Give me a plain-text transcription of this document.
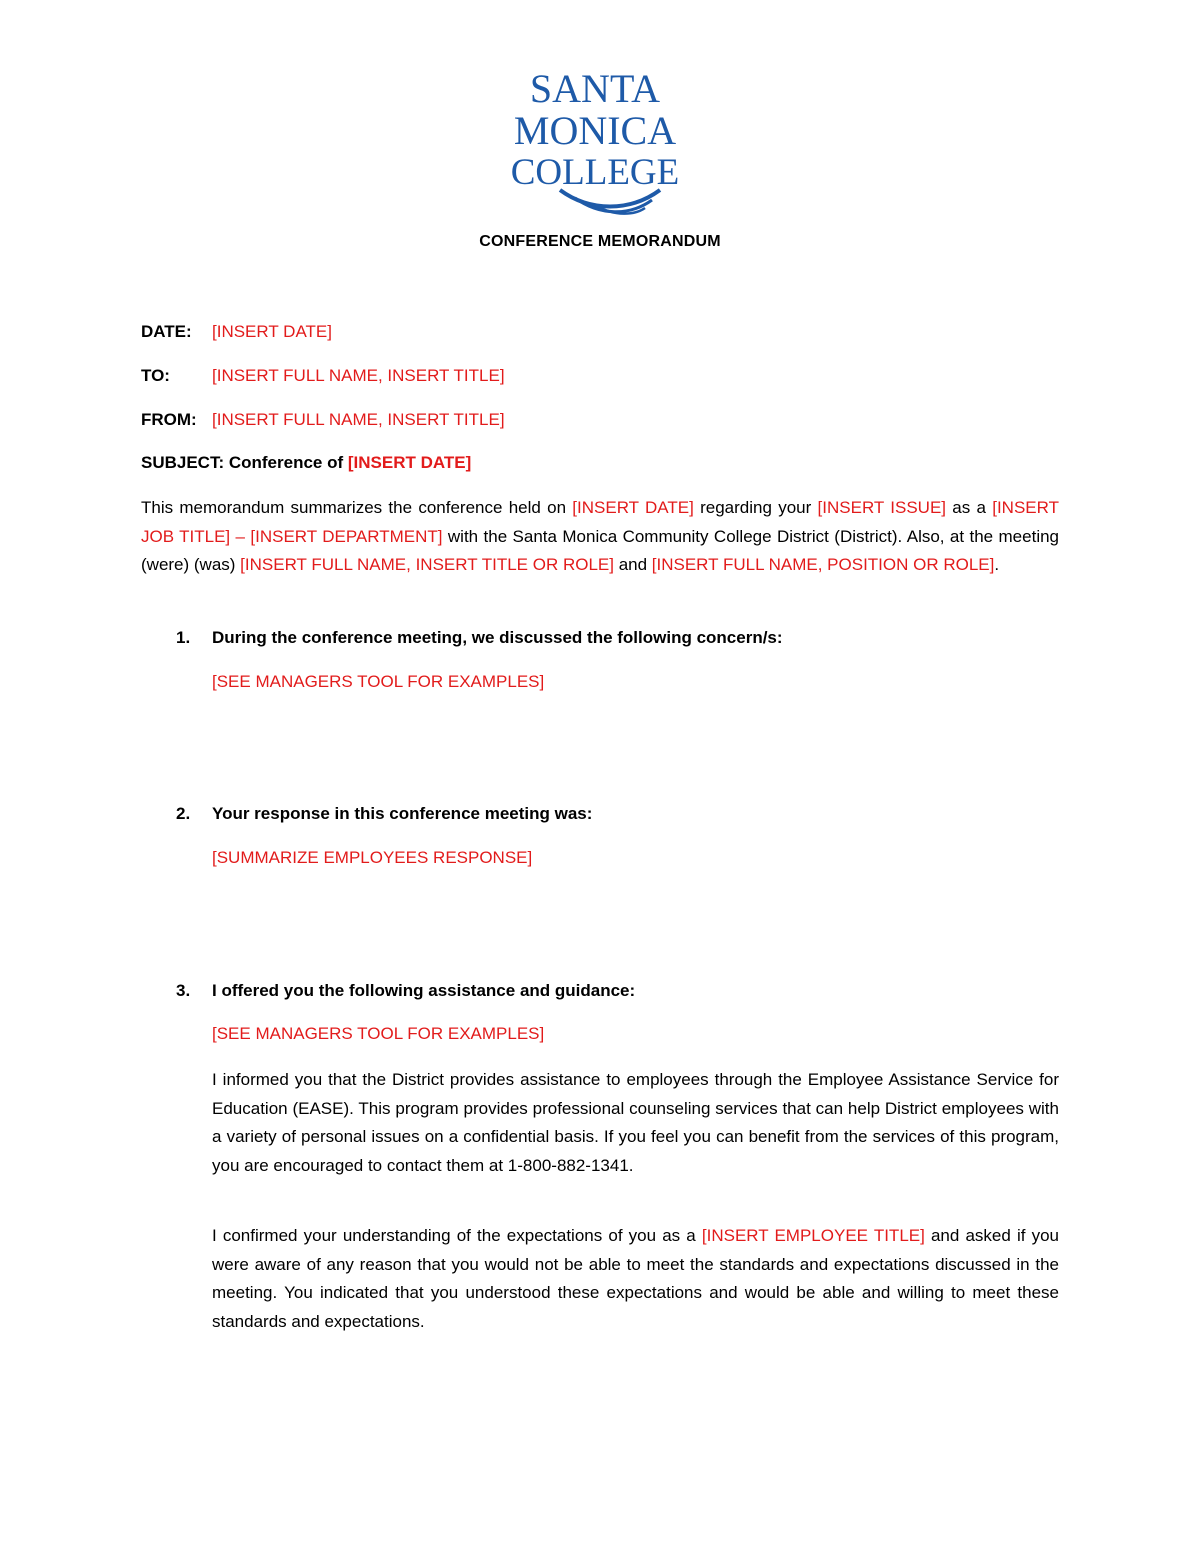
SANTA
MONICA
COLLEGE
CONFERENCE MEMORANDUM
DATE: [INSERT DATE]
TO: [INSERT FULL NAME, INSERT TITLE]
FROM: [INSERT FULL NAME, INSERT TITLE]
SUBJECT: Conference of [INSERT DATE]

This memorandum summarizes the conference held on [INSERT DATE] regarding your [INSERT ISSUE] as a [INSERT JOB TITLE] – [INSERT DEPARTMENT] with the Santa Monica Community College District (District). Also, at the meeting (were) (was) [INSERT FULL NAME, INSERT TITLE OR ROLE] and [INSERT FULL NAME, POSITION OR ROLE].

1. During the conference meeting, we discussed the following concern/s:
[SEE MANAGERS TOOL FOR EXAMPLES]
2. Your response in this conference meeting was:
[SUMMARIZE EMPLOYEES RESPONSE]
3. I offered you the following assistance and guidance:
[SEE MANAGERS TOOL FOR EXAMPLES]

I informed you that the District provides assistance to employees through the Employee Assistance Service for Education (EASE). This program provides professional counseling services that can help District employees with a variety of personal issues on a confidential basis. If you feel you can benefit from the services of this program, you are encouraged to contact them at 1-800-882-1341.

I confirmed your understanding of the expectations of you as a [INSERT EMPLOYEE TITLE] and asked if you were aware of any reason that you would not be able to meet the standards and expectations discussed in the meeting. You indicated that you understood these expectations and would be able and willing to meet these standards and expectations.
